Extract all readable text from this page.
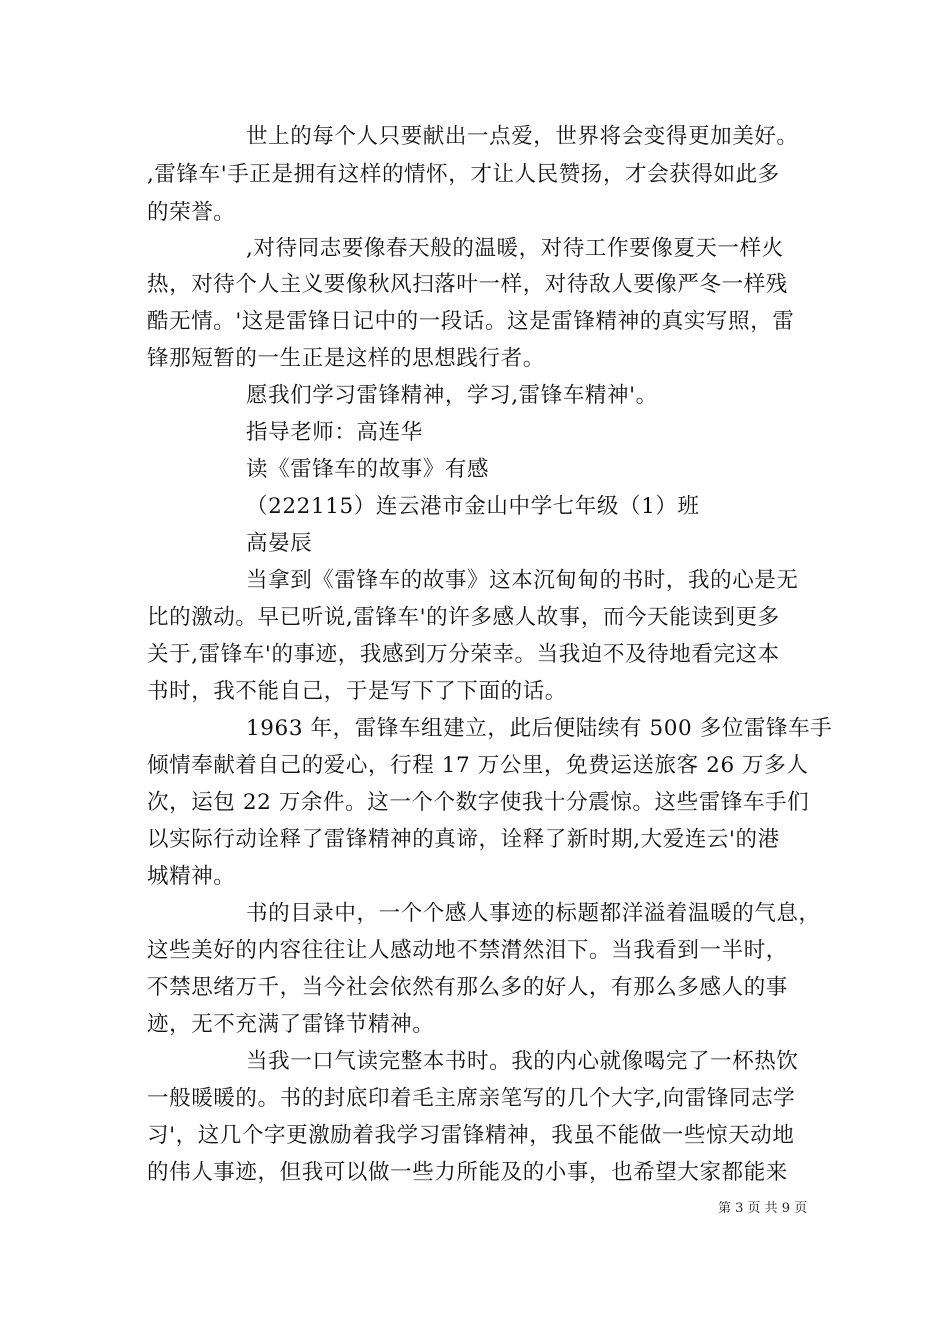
世上的每个人只要献出一点爱，世界将会变得更加美好。
,雷锋车'手正是拥有这样的情怀，才让人民赞扬，才会获得如此多
的荣誉。
,对待同志要像春天般的温暖，对待工作要像夏天一样火
热，对待个人主义要像秋风扫落叶一样，对待敌人要像严冬一样残
酷无情。'这是雷锋日记中的一段话。这是雷锋精神的真实写照，雷
锋那短暂的一生正是这样的思想践行者。
愿我们学习雷锋精神，学习,雷锋车精神'。
指导老师：高连华
读《雷锋车的故事》有感
（222115）连云港市金山中学七年级（1）班
高晏辰
当拿到《雷锋车的故事》这本沉甸甸的书时，我的心是无
比的激动。早已听说,雷锋车'的许多感人故事，而今天能读到更多
关于,雷锋车'的事迹，我感到万分荣幸。当我迫不及待地看完这本
书时，我不能自己，于是写下了下面的话。
1963 年，雷锋车组建立，此后便陆续有 500 多位雷锋车手
倾情奉献着自己的爱心，行程 17 万公里，免费运送旅客 26 万多人
次，运包 22 万余件。这一个个数字使我十分震惊。这些雷锋车手们
以实际行动诠释了雷锋精神的真谛，诠释了新时期,大爱连云'的港
城精神。
书的目录中，一个个感人事迹的标题都洋溢着温暖的气息，
这些美好的内容往往让人感动地不禁潸然泪下。当我看到一半时，
不禁思绪万千，当今社会依然有那么多的好人，有那么多感人的事
迹，无不充满了雷锋节精神。
当我一口气读完整本书时。我的内心就像喝完了一杯热饮
一般暖暖的。书的封底印着毛主席亲笔写的几个大字,向雷锋同志学
习'，这几个字更激励着我学习雷锋精神，我虽不能做一些惊天动地
的伟人事迹，但我可以做一些力所能及的小事，也希望大家都能来
第 3 页 共 9 页
